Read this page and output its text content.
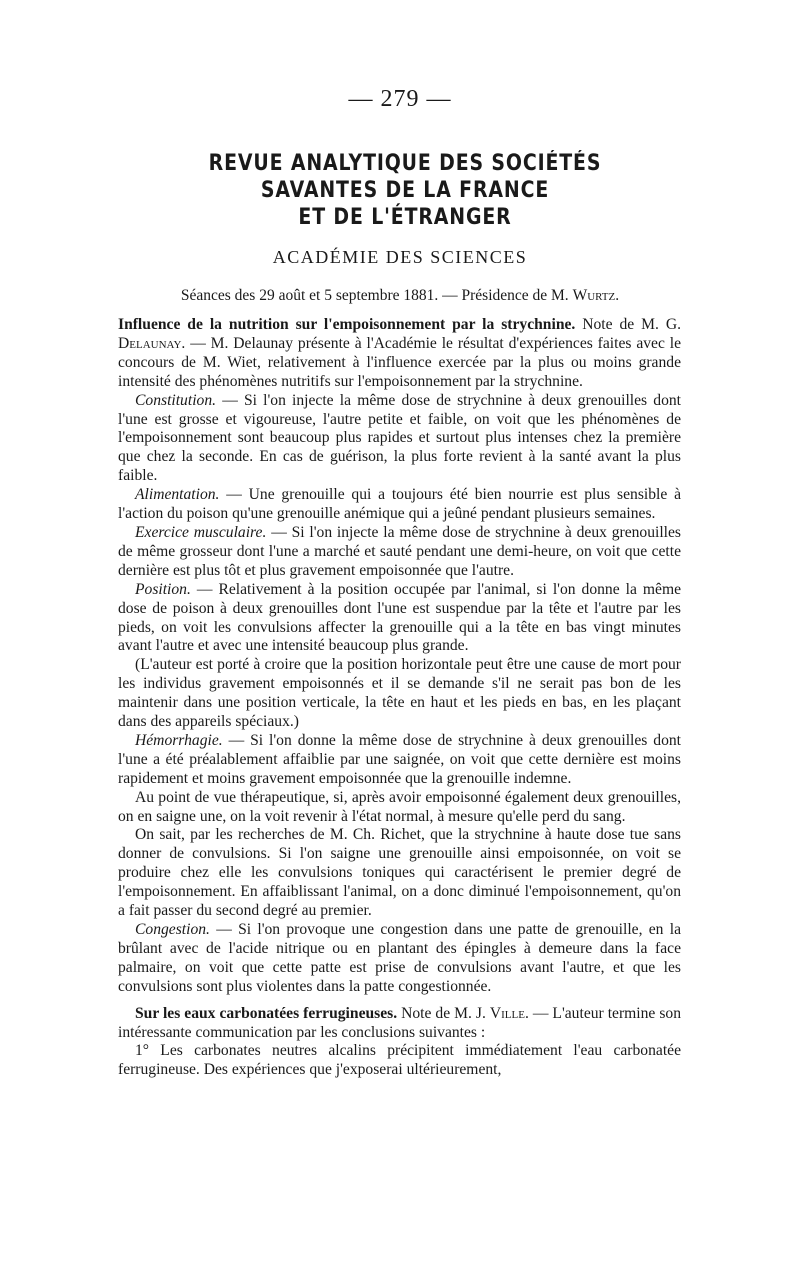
— 279 —
REVUE ANALYTIQUE DES SOCIÉTÉS SAVANTES DE LA FRANCE
ET DE L'ÉTRANGER
ACADÉMIE DES SCIENCES
Séances des 29 août et 5 septembre 1881. — Présidence de M. Wurtz.

Influence de la nutrition sur l'empoisonnement par la strychnine. Note de M. G. Delaunay. — M. Delaunay présente à l'Académie le résultat d'expériences faites avec le concours de M. Wiet, relativement à l'influence exercée par la plus ou moins grande intensité des phénomènes nutritifs sur l'empoisonnement par la strychnine.

Constitution. — Si l'on injecte la même dose de strychnine à deux grenouilles dont l'une est grosse et vigoureuse, l'autre petite et faible, on voit que les phénomènes de l'empoisonnement sont beaucoup plus rapides et surtout plus intenses chez la première que chez la seconde. En cas de guérison, la plus forte revient à la santé avant la plus faible.

Alimentation. — Une grenouille qui a toujours été bien nourrie est plus sensible à l'action du poison qu'une grenouille anémique qui a jeûné pendant plusieurs semaines.

Exercice musculaire. — Si l'on injecte la même dose de strychnine à deux grenouilles de même grosseur dont l'une a marché et sauté pendant une demi-heure, on voit que cette dernière est plus tôt et plus gravement empoisonnée que l'autre.

Position. — Relativement à la position occupée par l'animal, si l'on donne la même dose de poison à deux grenouilles dont l'une est suspendue par la tête et l'autre par les pieds, on voit les convulsions affecter la grenouille qui a la tête en bas vingt minutes avant l'autre et avec une intensité beaucoup plus grande.

(L'auteur est porté à croire que la position horizontale peut être une cause de mort pour les individus gravement empoisonnés et il se demande s'il ne serait pas bon de les maintenir dans une position verticale, la tête en haut et les pieds en bas, en les plaçant dans des appareils spéciaux.)

Hémorrhagie. — Si l'on donne la même dose de strychnine à deux grenouilles dont l'une a été préalablement affaiblie par une saignée, on voit que cette dernière est moins rapidement et moins gravement empoisonnée que la grenouille indemne.

Au point de vue thérapeutique, si, après avoir empoisonné également deux grenouilles, on en saigne une, on la voit revenir à l'état normal, à mesure qu'elle perd du sang.

On sait, par les recherches de M. Ch. Richet, que la strychnine à haute dose tue sans donner de convulsions. Si l'on saigne une grenouille ainsi empoisonnée, on voit se produire chez elle les convulsions toniques qui caractérisent le premier degré de l'empoisonnement. En affaiblissant l'animal, on a donc diminué l'empoisonnement, qu'on a fait passer du second degré au premier.

Congestion. — Si l'on provoque une congestion dans une patte de grenouille, en la brûlant avec de l'acide nitrique ou en plantant des épingles à demeure dans la face palmaire, on voit que cette patte est prise de convulsions avant l'autre, et que les convulsions sont plus violentes dans la patte congestionnée.

Sur les eaux carbonatées ferrugineuses. Note de M. J. Ville. — L'auteur termine son intéressante communication par les conclusions suivantes :

1° Les carbonates neutres alcalins précipitent immédiatement l'eau carbonatée ferrugineuse. Des expériences que j'exposerai ultérieurement,
